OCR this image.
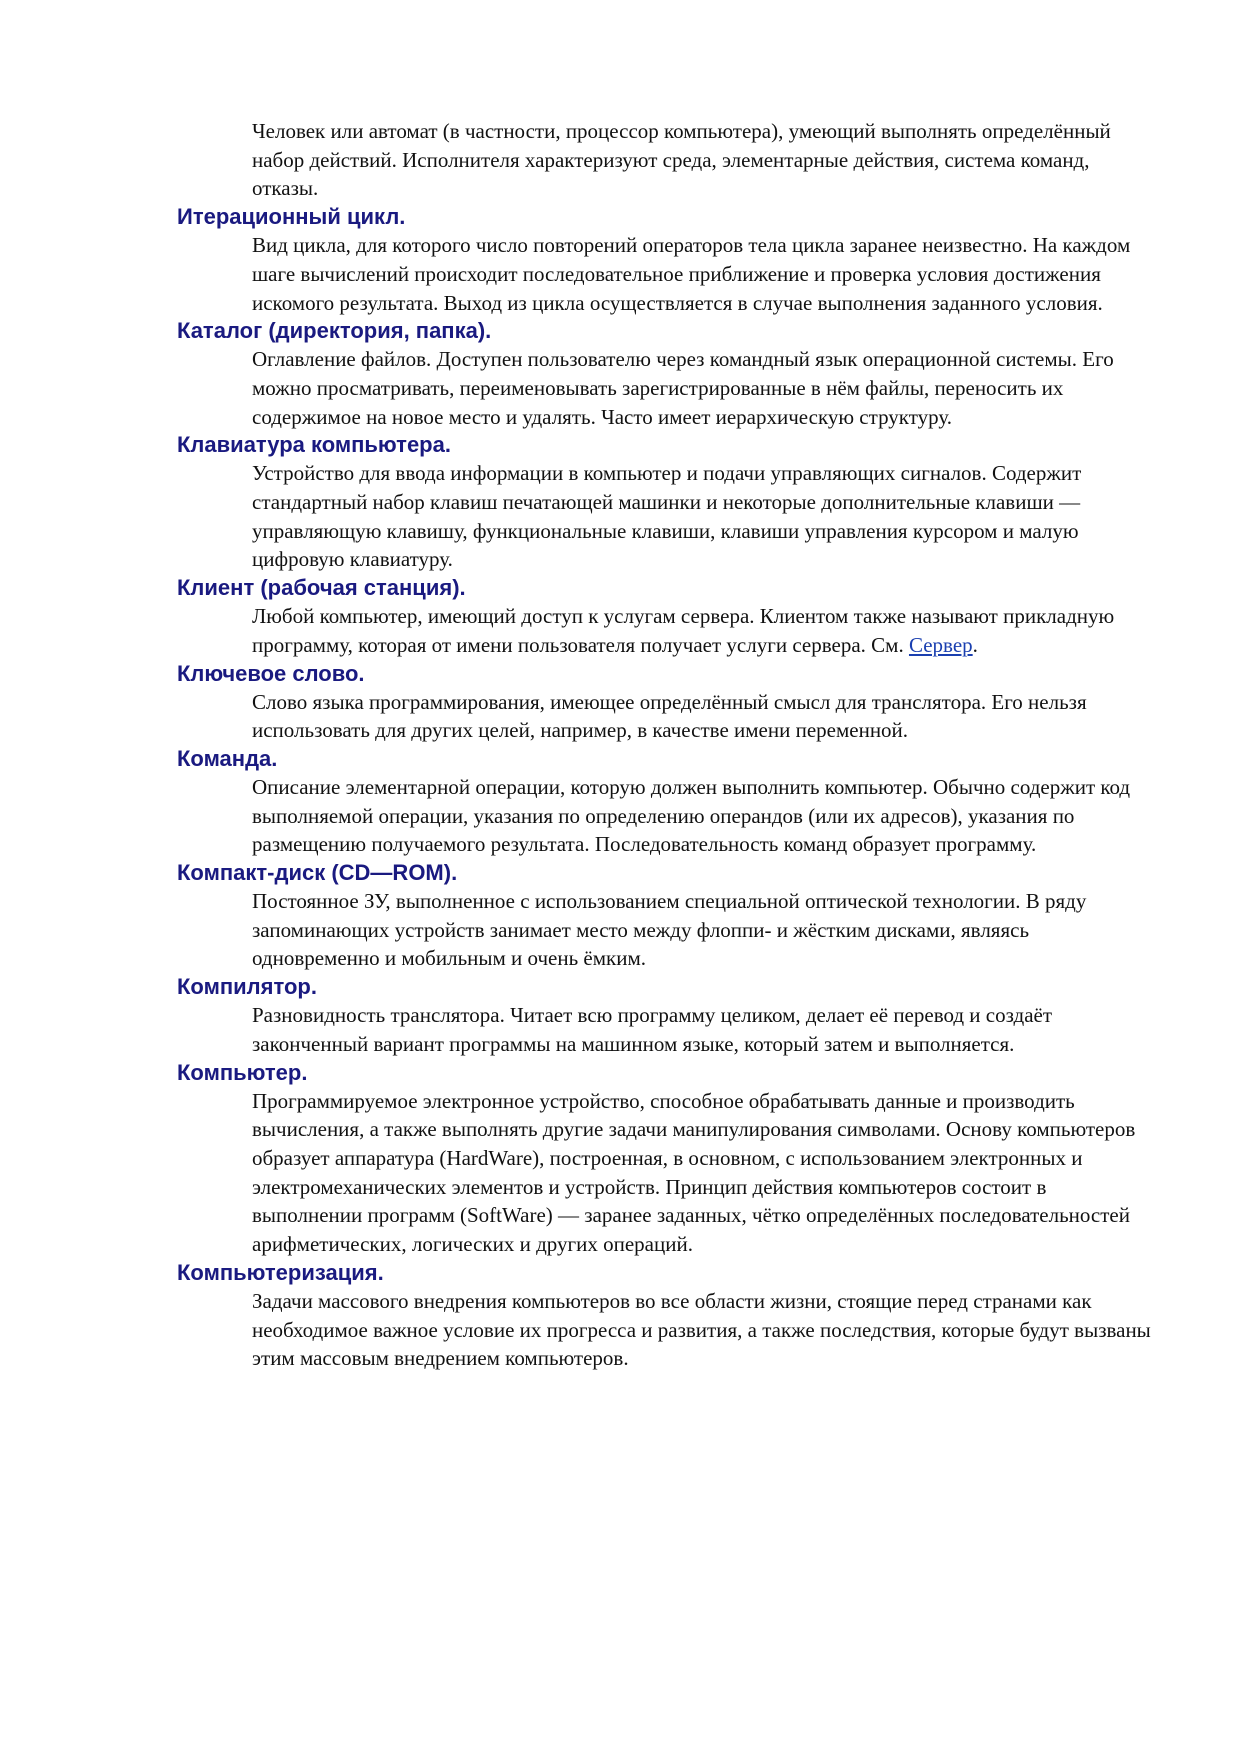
Человек или автомат (в частности, процессор компьютера), умеющий выполнять определённый набор действий. Исполнителя характеризуют среда, элементарные действия, система команд, отказы.

Итерационный цикл.

Вид цикла, для которого число повторений операторов тела цикла заранее неизвестно. На каждом шаге вычислений происходит последовательное приближение и проверка условия достижения искомого результата. Выход из цикла осуществляется в случае выполнения заданного условия.

Каталог (директория, папка).

Оглавление файлов. Доступен пользователю через командный язык операционной системы. Его можно просматривать, переименовывать зарегистрированные в нём файлы, переносить их содержимое на новое место и удалять. Часто имеет иерархическую структуру.

Клавиатура компьютера.

Устройство для ввода информации в компьютер и подачи управляющих сигналов. Содержит стандартный набор клавиш печатающей машинки и некоторые дополнительные клавиши — управляющую клавишу, функциональные клавиши, клавиши управления курсором и малую цифровую клавиатуру.

Клиент (рабочая станция).

Любой компьютер, имеющий доступ к услугам сервера. Клиентом также называют прикладную программу, которая от имени пользователя получает услуги сервера. См. Сервер.

Ключевое слово.

Слово языка программирования, имеющее определённый смысл для транслятора. Его нельзя использовать для других целей, например, в качестве имени переменной.

Команда.

Описание элементарной операции, которую должен выполнить компьютер. Обычно содержит код выполняемой операции, указания по определению операндов (или их адресов), указания по размещению получаемого результата. Последовательность команд образует программу.

Компакт-диск (CD—ROM).

Постоянное ЗУ, выполненное с использованием специальной оптической технологии. В ряду запоминающих устройств занимает место между флоппи- и жёстким дисками, являясь одновременно и мобильным и очень ёмким.

Компилятор.

Разновидность транслятора. Читает всю программу целиком, делает её перевод и создаёт законченный вариант программы на машинном языке, который затем и выполняется.

Компьютер.

Программируемое электронное устройство, способное обрабатывать данные и производить вычисления, а также выполнять другие задачи манипулирования символами. Основу компьютеров образует аппаратура (HardWare), построенная, в основном, с использованием электронных и электромеханических элементов и устройств. Принцип действия компьютеров состоит в выполнении программ (SoftWare) — заранее заданных, чётко определённых последовательностей арифметических, логических и других операций.

Компьютеризация.

Задачи массового внедрения компьютеров во все области жизни, стоящие перед странами как необходимое важное условие их прогресса и развития, а также последствия, которые будут вызваны этим массовым внедрением компьютеров.
